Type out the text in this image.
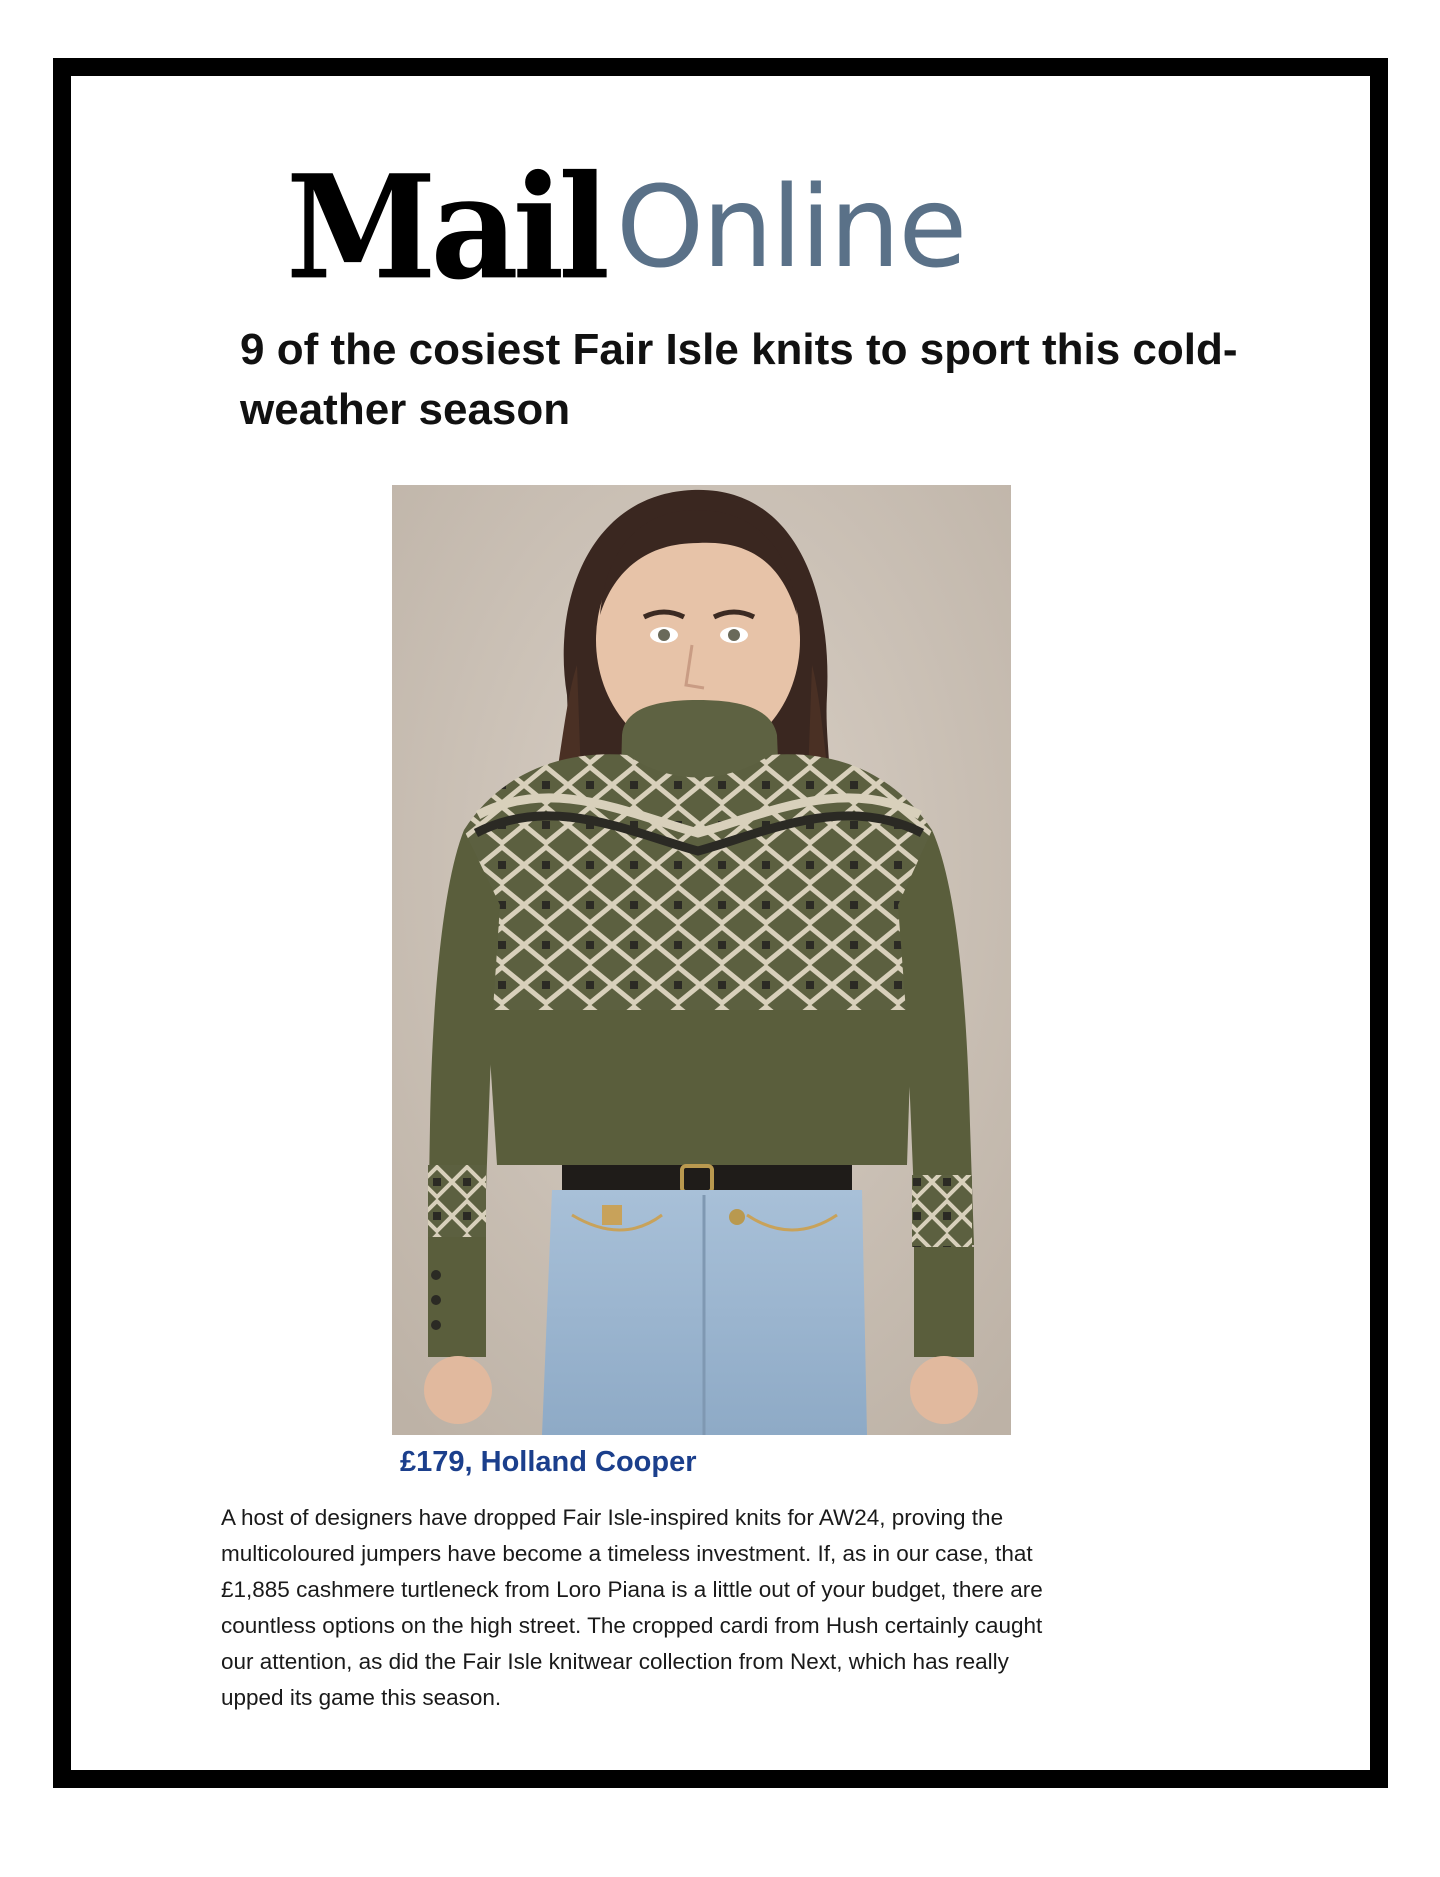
Mail Online
9 of the cosiest Fair Isle knits to sport this cold-weather season

£179, Holland Cooper

A host of designers have dropped Fair Isle-inspired knits for AW24, proving the
multicoloured jumpers have become a timeless investment. If, as in our case, that
£1,885 cashmere turtleneck from Loro Piana is a little out of your budget, there are
countless options on the high street. The cropped cardi from Hush certainly caught
our attention, as did the Fair Isle knitwear collection from Next, which has really
upped its game this season.
